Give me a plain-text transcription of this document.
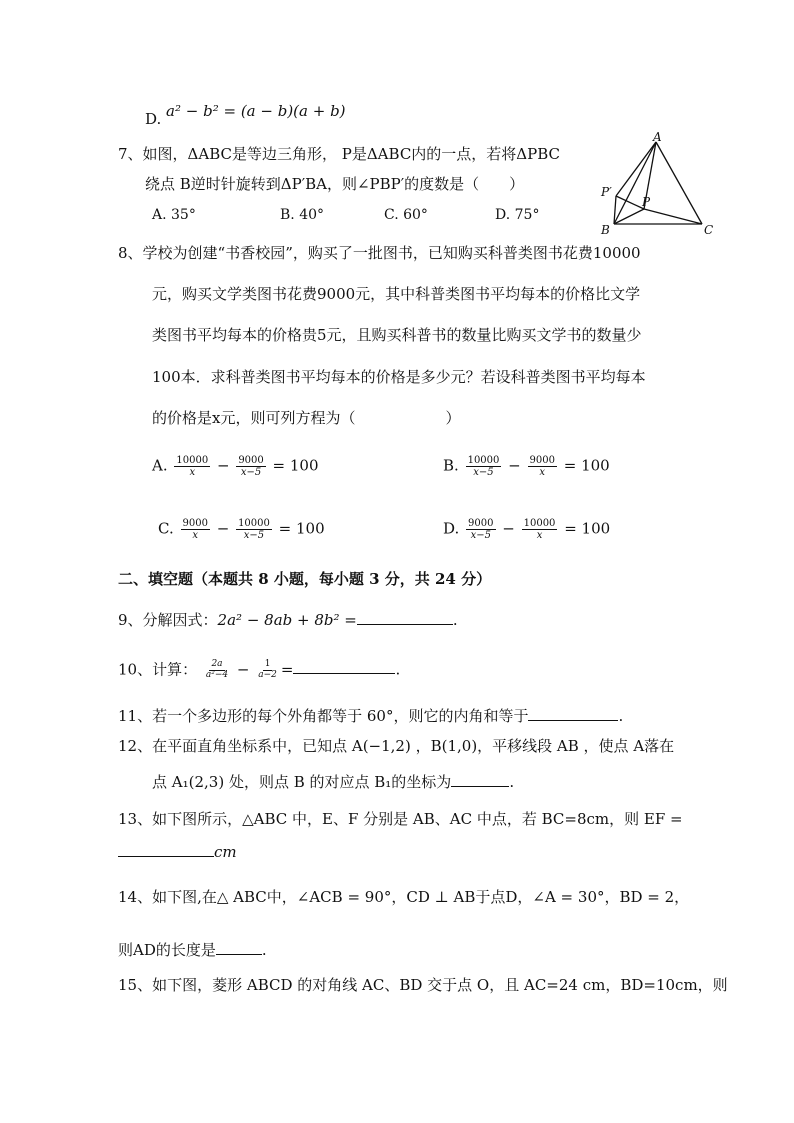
D. a² − b² = (a − b)(a + b)
7、如图，ΔABC是等边三角形， P是ΔABC内的一点，若将ΔPBC
绕点 B逆时针旋转到ΔP′BA，则∠PBP′的度数是（　　）
A. 35°	B. 40°	C. 60°	D. 75°
A
B	C
P
P′
8、学校为创建“书香校园”，购买了一批图书，已知购买科普类图书花费10000
元，购买文学类图书花费9000元，其中科普类图书平均每本的价格比文学
类图书平均每本的价格贵5元，且购买科普书的数量比购买文学书的数量少
100本．求科普类图书平均每本的价格是多少元？若设科普类图书平均每本
的价格是x元，则可列方程为（　　　　　　）
A. $\frac{10000}{x} - \frac{9000}{x-5} = 100$	B. $\frac{10000}{x-5} - \frac{9000}{x} = 100$
C. $\frac{9000}{x} - \frac{10000}{x-5} = 100$	D. $\frac{9000}{x-5} - \frac{10000}{x} = 100$
二、填空题（本题共 8 小题，每小题 3 分，共 24 分）
9、分解因式：2a² − 8ab + 8b² =	.
10、计算： $\frac{2a}{\text{a²−4}} - \frac{1}{a-2}$ =	.
11、若一个多边形的每个外角都等于 60°，则它的内角和等于	.
12、在平面直角坐标系中，已知点 A(−1,2) ，B(1,0)，平移线段 AB ，使点 A落在
点 A₁(2,3) 处，则点 B 的对应点 B₁的坐标为	.
13、如下图所示，△ABC 中，E、F 分别是 AB、AC 中点，若 BC=8cm，则 EF =
cm
14、如下图,在△ ABC中，∠ACB = 90°，CD ⊥ AB于点D，∠A = 30°，BD = 2，
则AD的长度是	.
15、如下图，菱形 ABCD 的对角线 AC、BD 交于点 O，且 AC=24 cm，BD=10cm，则
